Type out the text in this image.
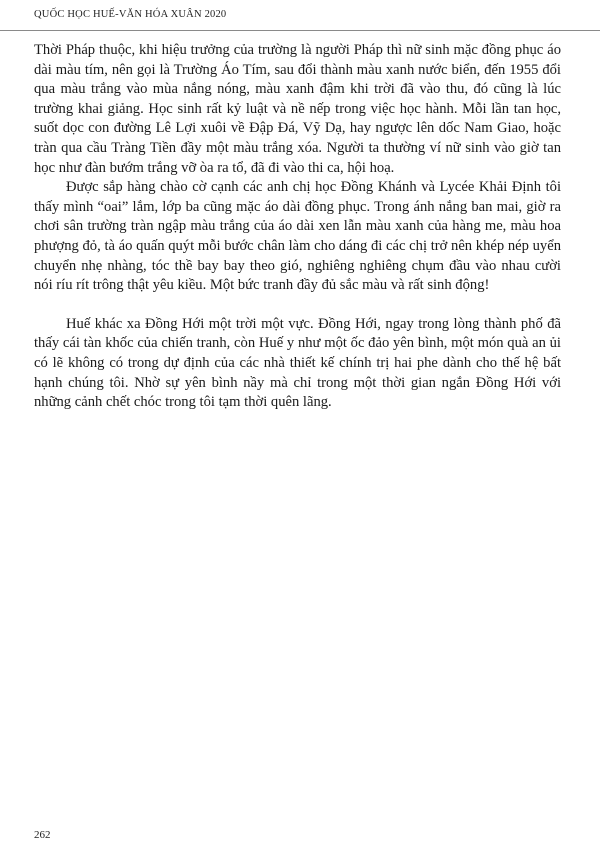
QUỐC HỌC HUẾ-VĂN HÓA XUÂN 2020

Thời Pháp thuộc, khi hiệu trưởng của trường là người Pháp thì nữ sinh mặc đồng phục áo dài màu tím, nên gọi là Trường Áo Tím, sau đổi thành màu xanh nước biển, đến 1955 đổi qua màu trắng vào mùa nắng nóng, màu xanh đậm khi trời đã vào thu, đó cũng là lúc trường khai giảng. Học sinh rất kỷ luật và nề nếp trong việc học hành. Mỗi lần tan học, suốt dọc con đường Lê Lợi xuôi về Đập Đá, Vỹ Dạ, hay ngược lên dốc Nam Giao, hoặc tràn qua cầu Tràng Tiền đầy một màu trắng xóa. Người ta thường ví nữ sinh vào giờ tan học như đàn bướm trắng vỡ òa ra tổ, đã đi vào thi ca, hội hoạ.

Được sắp hàng chào cờ cạnh các anh chị học Đồng Khánh và Lycée Khải Định tôi thấy mình “oai” lắm, lớp ba cũng mặc áo dài đồng phục. Trong ánh nắng ban mai, giờ ra chơi sân trường tràn ngập màu trắng của áo dài xen lẫn màu xanh của hàng me, màu hoa phượng đỏ, tà áo quấn quýt mỗi bước chân làm cho dáng đi các chị trở nên khép nép uyển chuyển nhẹ nhàng, tóc thề bay bay theo gió, nghiêng nghiêng chụm đầu vào nhau cười nói ríu rít trông thật yêu kiều. Một bức tranh đầy đủ sắc màu và rất sinh động!

Huế khác xa Đồng Hới một trời một vực. Đồng Hới, ngay trong lòng thành phố đã thấy cái tàn khốc của chiến tranh, còn Huế y như một ốc đảo yên bình, một món quà an ủi có lẽ không có trong dự định của các nhà thiết kế chính trị hai phe dành cho thế hệ bất hạnh chúng tôi. Nhờ sự yên bình nầy mà chỉ trong một thời gian ngắn Đồng Hới với những cảnh chết chóc trong tôi tạm thời quên lãng.

262
